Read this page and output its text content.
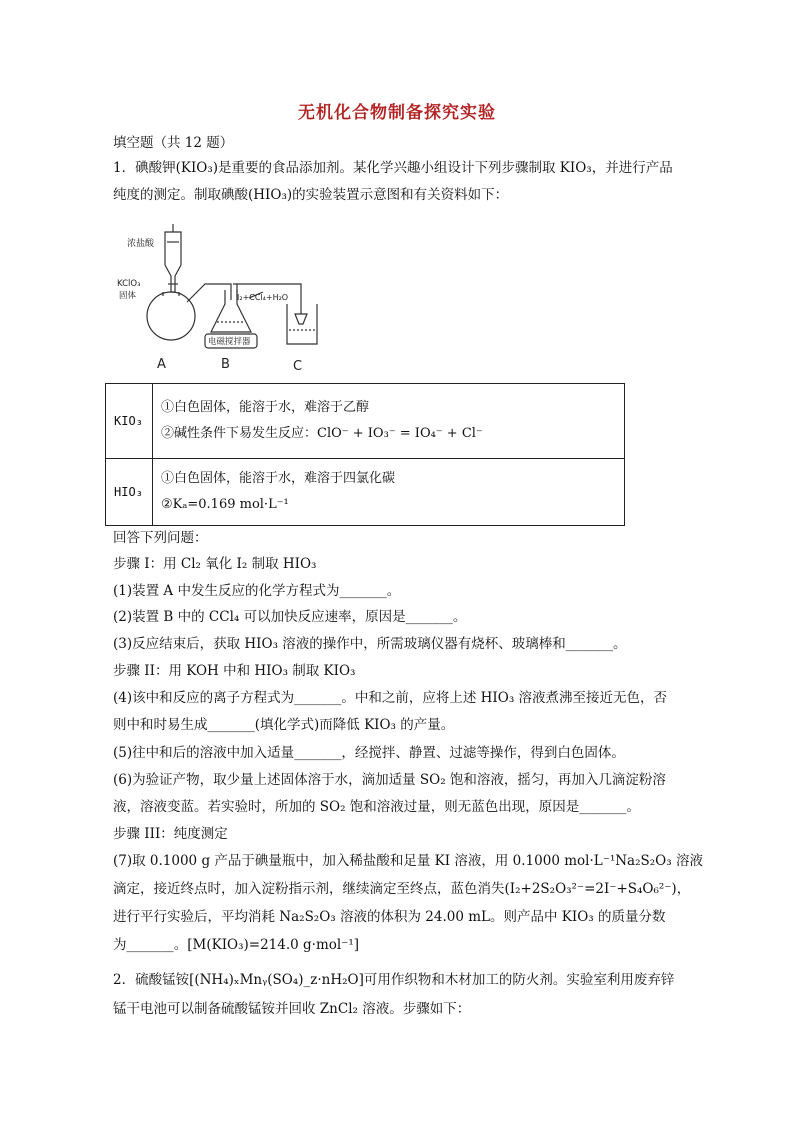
无机化合物制备探究实验
填空题（共 12 题）
1．碘酸钾(KIO₃)是重要的食品添加剂。某化学兴趣小组设计下列步骤制取 KIO₃，并进行产品
纯度的测定。制取碘酸(HIO₃)的实验装置示意图和有关资料如下：
浓盐酸
KClO₃
固体	I₂+CCl₄+H₂O
电磁搅拌器
A	B	C
KIO₃	①白色固体，能溶于水，难溶于乙醇
②碱性条件下易发生反应：ClO⁻ + IO₃⁻ = IO₄⁻ + Cl⁻

HIO₃	①白色固体，能溶于水，难溶于四氯化碳
②Kₐ=0.169 mol·L⁻¹
回答下列问题：
步骤 I：用 Cl₂ 氧化 I₂ 制取 HIO₃
(1)装置 A 中发生反应的化学方程式为_______。
(2)装置 B 中的 CCl₄ 可以加快反应速率，原因是_______。
(3)反应结束后，获取 HIO₃ 溶液的操作中，所需玻璃仪器有烧杯、玻璃棒和_______。
步骤 II：用 KOH 中和 HIO₃ 制取 KIO₃
(4)该中和反应的离子方程式为_______。中和之前，应将上述 HIO₃ 溶液煮沸至接近无色，否
则中和时易生成_______(填化学式)而降低 KIO₃ 的产量。
(5)往中和后的溶液中加入适量_______，经搅拌、静置、过滤等操作，得到白色固体。
(6)为验证产物，取少量上述固体溶于水，滴加适量 SO₂ 饱和溶液，摇匀，再加入几滴淀粉溶
液，溶液变蓝。若实验时，所加的 SO₂ 饱和溶液过量，则无蓝色出现，原因是_______。
步骤 III：纯度测定
(7)取 0.1000 g 产品于碘量瓶中，加入稀盐酸和足量 KI 溶液，用 0.1000 mol·L⁻¹Na₂S₂O₃ 溶液
滴定，接近终点时，加入淀粉指示剂，继续滴定至终点，蓝色消失(I₂+2S₂O₃²⁻=2I⁻+S₄O₆²⁻)，
进行平行实验后，平均消耗 Na₂S₂O₃ 溶液的体积为 24.00 mL。则产品中 KIO₃ 的质量分数
为_______。[M(KIO₃)=214.0 g·mol⁻¹]
2．硫酸锰铵[(NH₄)ₓMnᵧ(SO₄)_z·nH₂O]可用作织物和木材加工的防火剂。实验室利用废弃锌
锰干电池可以制备硫酸锰铵并回收 ZnCl₂ 溶液。步骤如下：
